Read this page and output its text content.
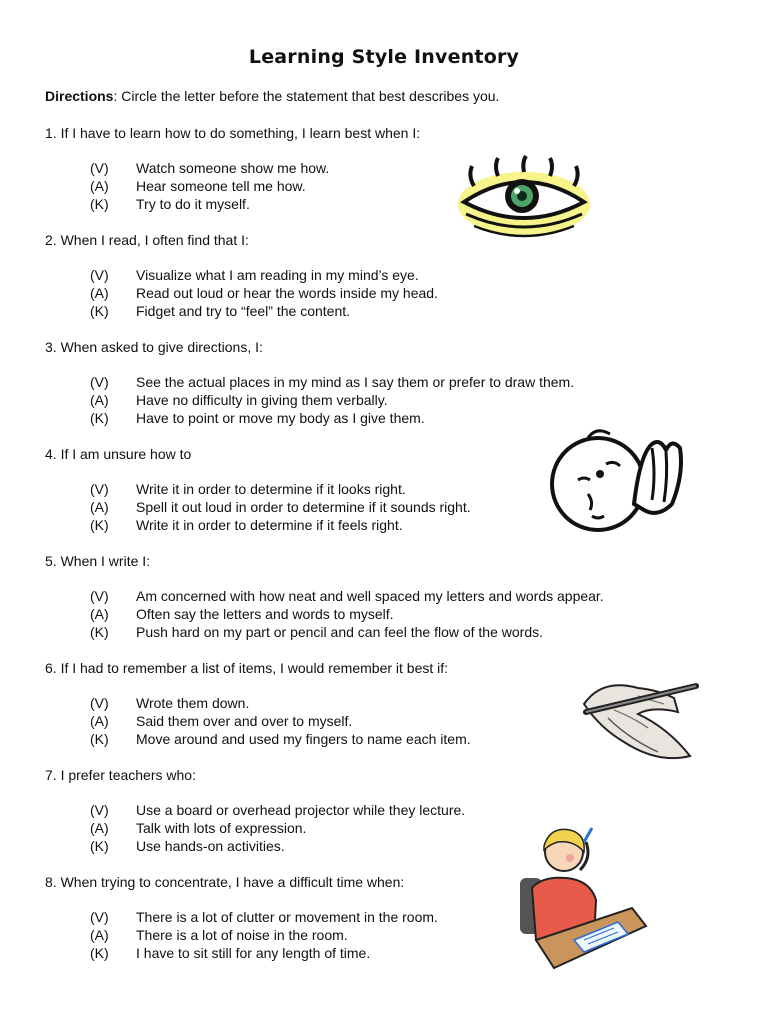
Learning Style Inventory
Directions: Circle the letter before the statement that best describes you.
1. If I have to learn how to do something, I learn best when I:
(V)	Watch someone show me how.
(A)	Hear someone tell me how.
(K)	Try to do it myself.
2. When I read, I often find that I:
(V)	Visualize what I am reading in my mind’s eye.
(A)	Read out loud or hear the words inside my head.
(K)	Fidget and try to “feel” the content.
3. When asked to give directions, I:
(V)	See the actual places in my mind as I say them or prefer to draw them.
(A)	Have no difficulty in giving them verbally.
(K)	Have to point or move my body as I give them.
4. If I am unsure how to
(V)	Write it in order to determine if it looks right.
(A)	Spell it out loud in order to determine if it sounds right.
(K)	Write it in order to determine if it feels right.
5. When I write I:
(V)	Am concerned with how neat and well spaced my letters and words appear.
(A)	Often say the letters and words to myself.
(K)	Push hard on my part or pencil and can feel the flow of the words.
6. If I had to remember a list of items, I would remember it best if:
(V)	Wrote them down.
(A)	Said them over and over to myself.
(K)	Move around and used my fingers to name each item.
7. I prefer teachers who:
(V)	Use a board or overhead projector while they lecture.
(A)	Talk with lots of expression.
(K)	Use hands-on activities.
8. When trying to concentrate, I have a difficult time when:
(V)	There is a lot of clutter or movement in the room.
(A)	There is a lot of noise in the room.
(K)	I have to sit still for any length of time.
